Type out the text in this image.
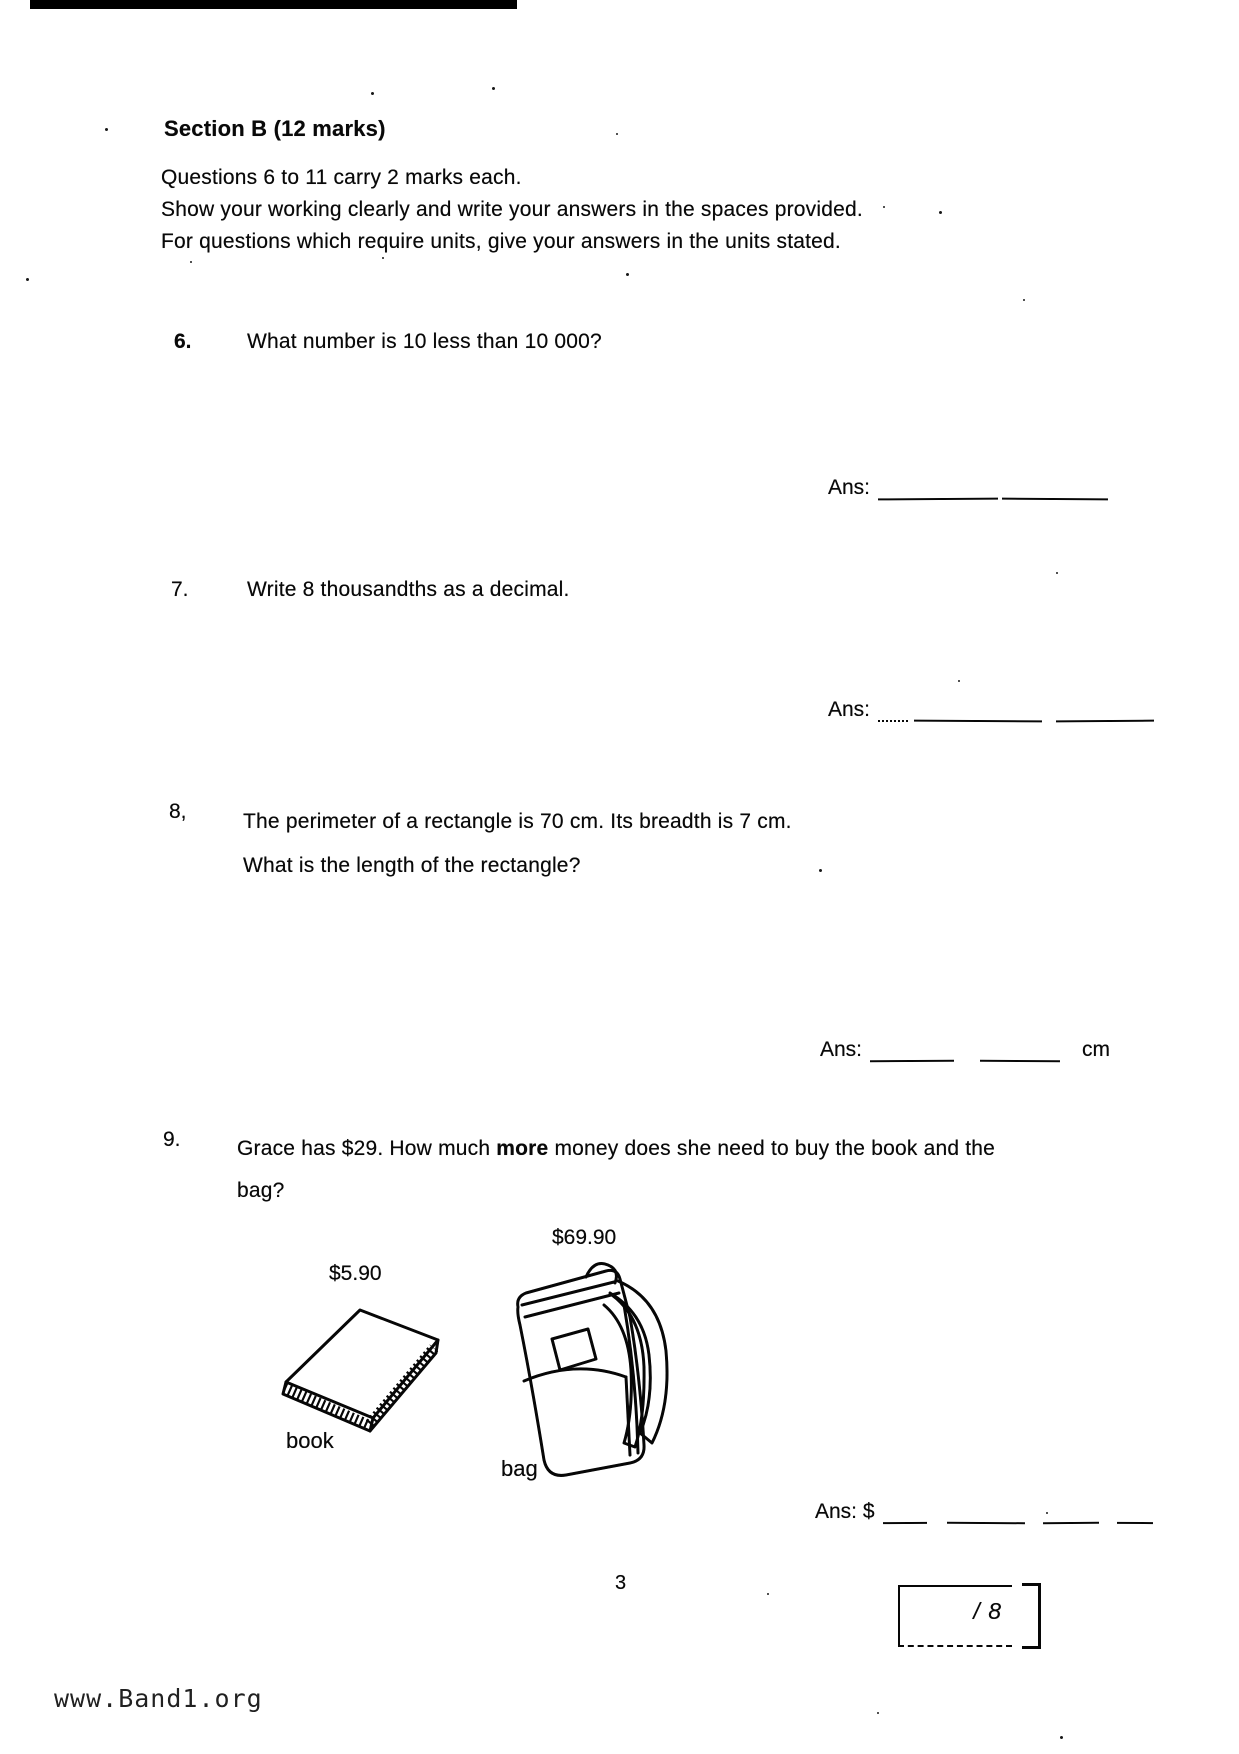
Section B (12 marks)
Questions 6 to 11 carry 2 marks each.
Show your working clearly and write your answers in the spaces provided.
For questions which require units, give your answers in the units stated.
6.	What number is 10 less than 10 000?
Ans:
7.	Write 8 thousandths as a decimal.
Ans:
8,	The perimeter of a rectangle is 70 cm. Its breadth is 7 cm.
What is the length of the rectangle?
Ans:	cm
9.	Grace has $29. How much more money does she need to buy the book and the
bag?
$69.90
$5.90
book
bag
Ans: $
3
/ 8
www.Band1.org
